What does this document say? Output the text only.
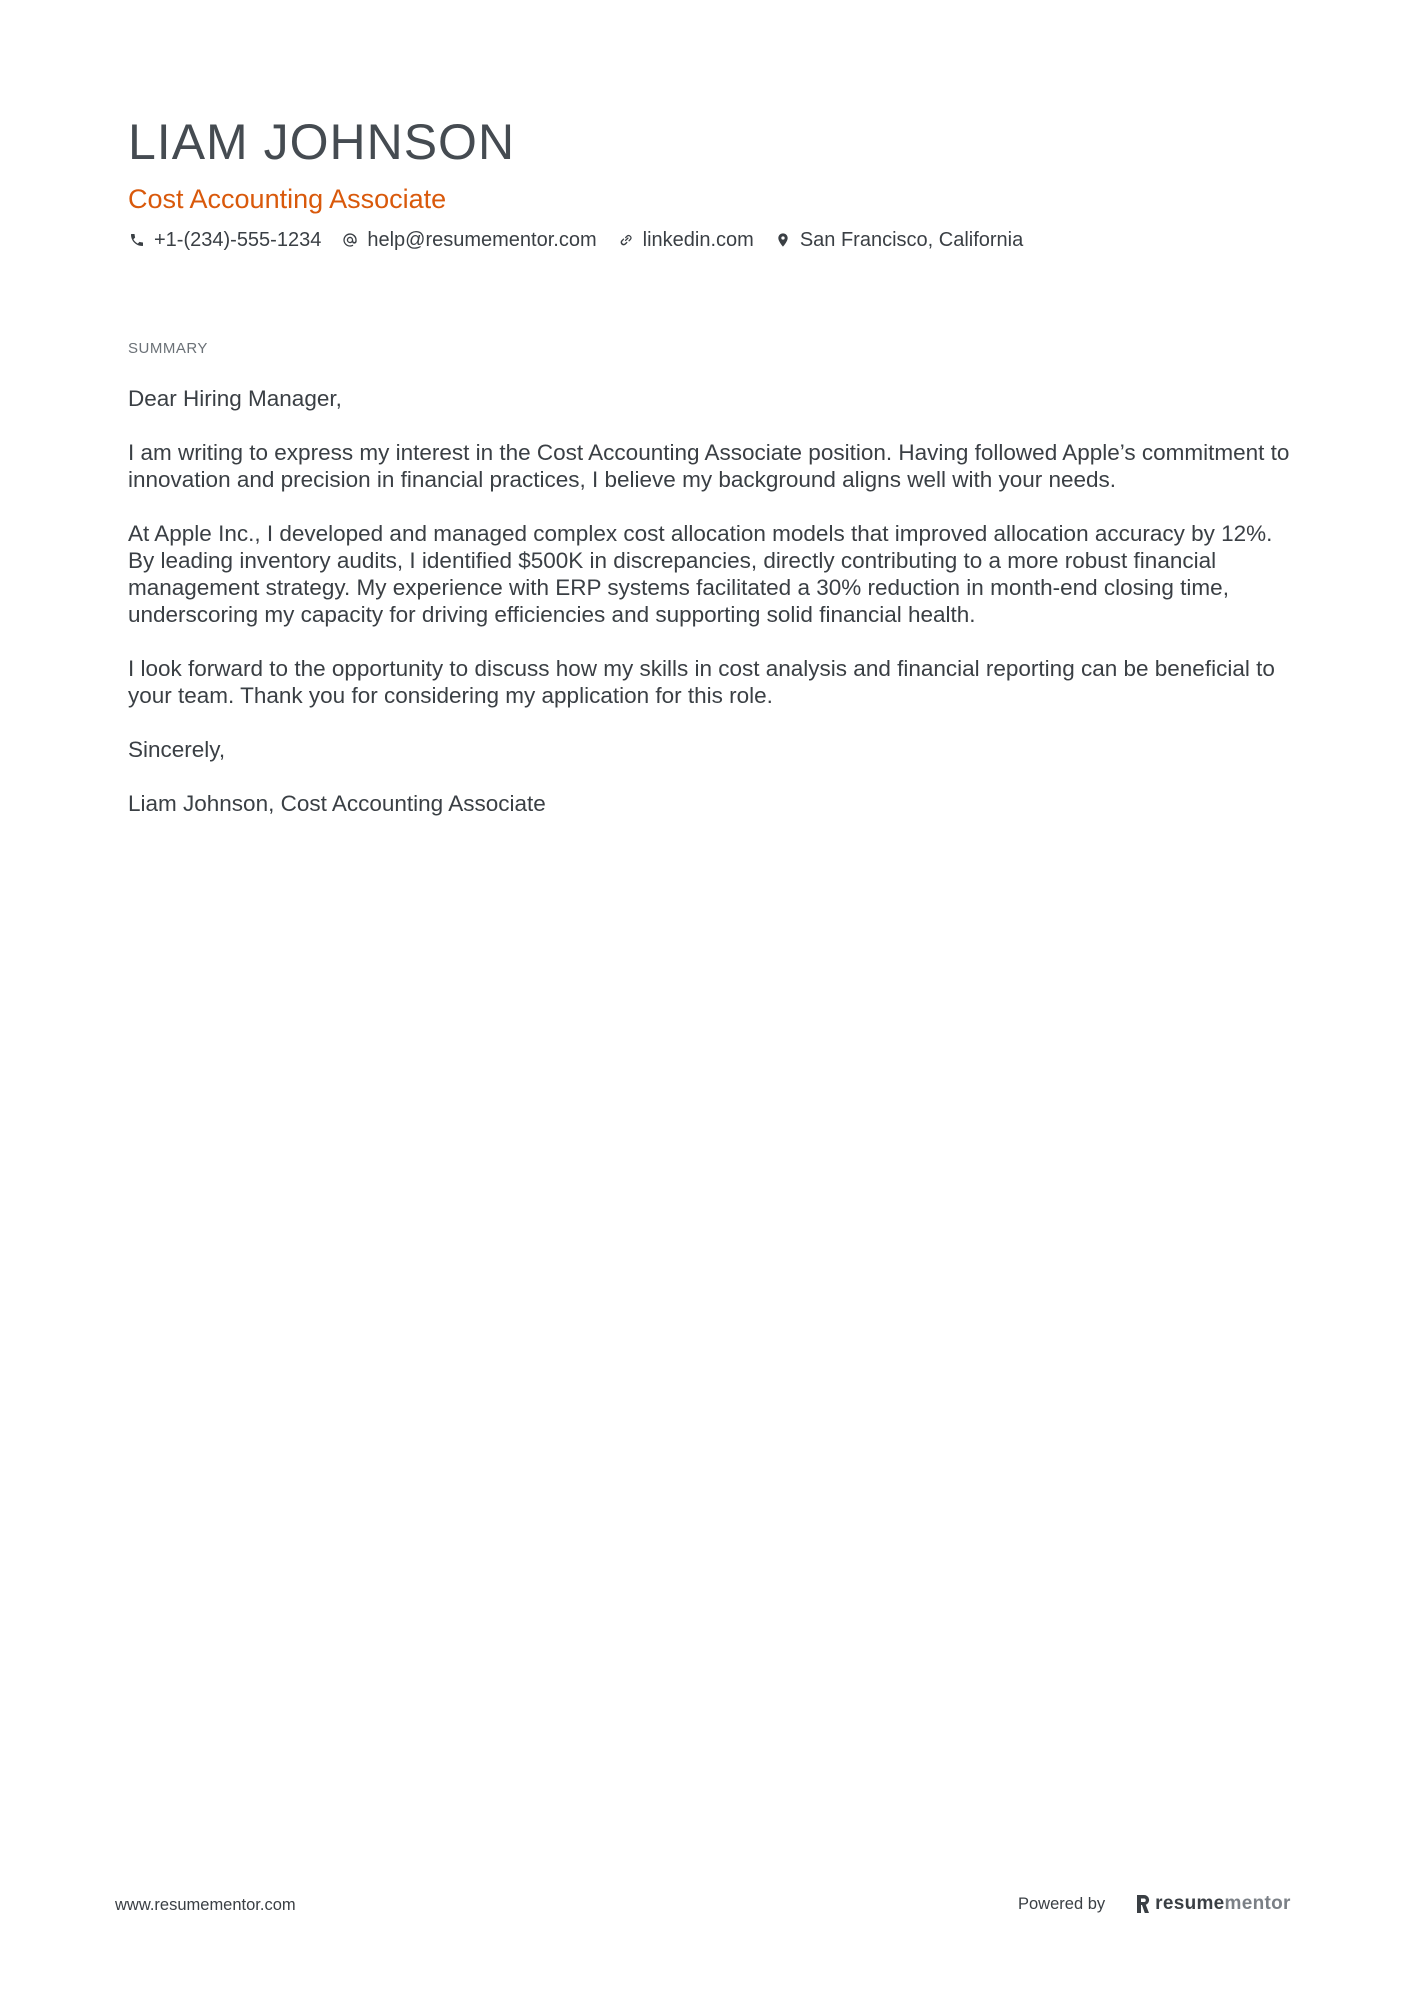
LIAM JOHNSON
Cost Accounting Associate
+1-(234)-555-1234 help@resumementor.com linkedin.com San Francisco, California
SUMMARY

Dear Hiring Manager,

I am writing to express my interest in the Cost Accounting Associate position. Having followed Apple’s commitment to innovation and precision in financial practices, I believe my background aligns well with your needs.

At Apple Inc., I developed and managed complex cost allocation models that improved allocation accuracy by 12%. By leading inventory audits, I identified $500K in discrepancies, directly contributing to a more robust financial management strategy. My experience with ERP systems facilitated a 30% reduction in month-end closing time, underscoring my capacity for driving efficiencies and supporting solid financial health.

I look forward to the opportunity to discuss how my skills in cost analysis and financial reporting can be beneficial to your team. Thank you for considering my application for this role.

Sincerely,

Liam Johnson, Cost Accounting Associate

www.resumementor.com	Powered by	resume mentor
